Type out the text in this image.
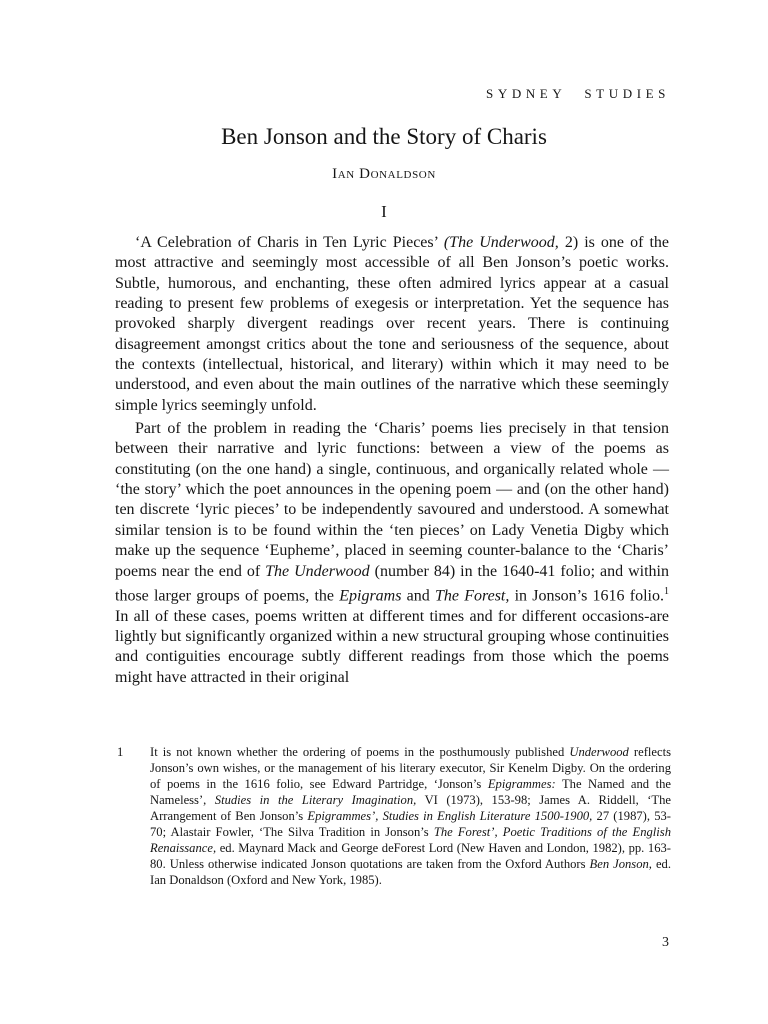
SYDNEY STUDIES
Ben Jonson and the Story of Charis
Ian Donaldson
I

‘A Celebration of Charis in Ten Lyric Pieces’ (The Underwood, 2) is one of the most attractive and seemingly most accessible of all Ben Jonson’s poetic works. Subtle, humorous, and enchanting, these often admired lyrics appear at a casual reading to present few problems of exegesis or interpretation. Yet the sequence has provoked sharply divergent readings over recent years. There is continuing disagreement amongst critics about the tone and seriousness of the sequence, about the contexts (intellectual, historical, and literary) within which it may need to be understood, and even about the main outlines of the narrative which these seemingly simple lyrics seemingly unfold.

Part of the problem in reading the ‘Charis’ poems lies precisely in that tension between their narrative and lyric functions: between a view of the poems as constituting (on the one hand) a single, continuous, and organically related whole — ‘the story’ which the poet announces in the opening poem — and (on the other hand) ten discrete ‘lyric pieces’ to be independently savoured and understood. A somewhat similar tension is to be found within the ‘ten pieces’ on Lady Venetia Digby which make up the sequence ‘Eupheme’, placed in seeming counter-balance to the ‘Charis’ poems near the end of The Underwood (number 84) in the 1640-41 folio; and within those larger groups of poems, the Epigrams and The Forest, in Jonson’s 1616 folio.$^1$ In all of these cases, poems written at different times and for different occasions-are lightly but significantly organized within a new structural grouping whose continuities and contiguities encourage subtly different readings from those which the poems might have attracted in their original

1	It is not known whether the ordering of poems in the posthumously published Underwood reflects Jonson’s own wishes, or the management of his literary executor, Sir Kenelm Digby. On the ordering of poems in the 1616 folio, see Edward Partridge, ‘Jonson’s Epigrammes: The Named and the Nameless’, Studies in the Literary Imagination, VI (1973), 153-98; James A. Riddell, ‘The Arrangement of Ben Jonson’s Epigrammes’, Studies in English Literature 1500-1900, 27 (1987), 53-70; Alastair Fowler, ‘The Silva Tradition in Jonson’s The Forest’, Poetic Traditions of the English Renaissance, ed. Maynard Mack and George deForest Lord (New Haven and London, 1982), pp. 163-80. Unless otherwise indicated Jonson quotations are taken from the Oxford Authors Ben Jonson, ed. Ian Donaldson (Oxford and New York, 1985).
3
